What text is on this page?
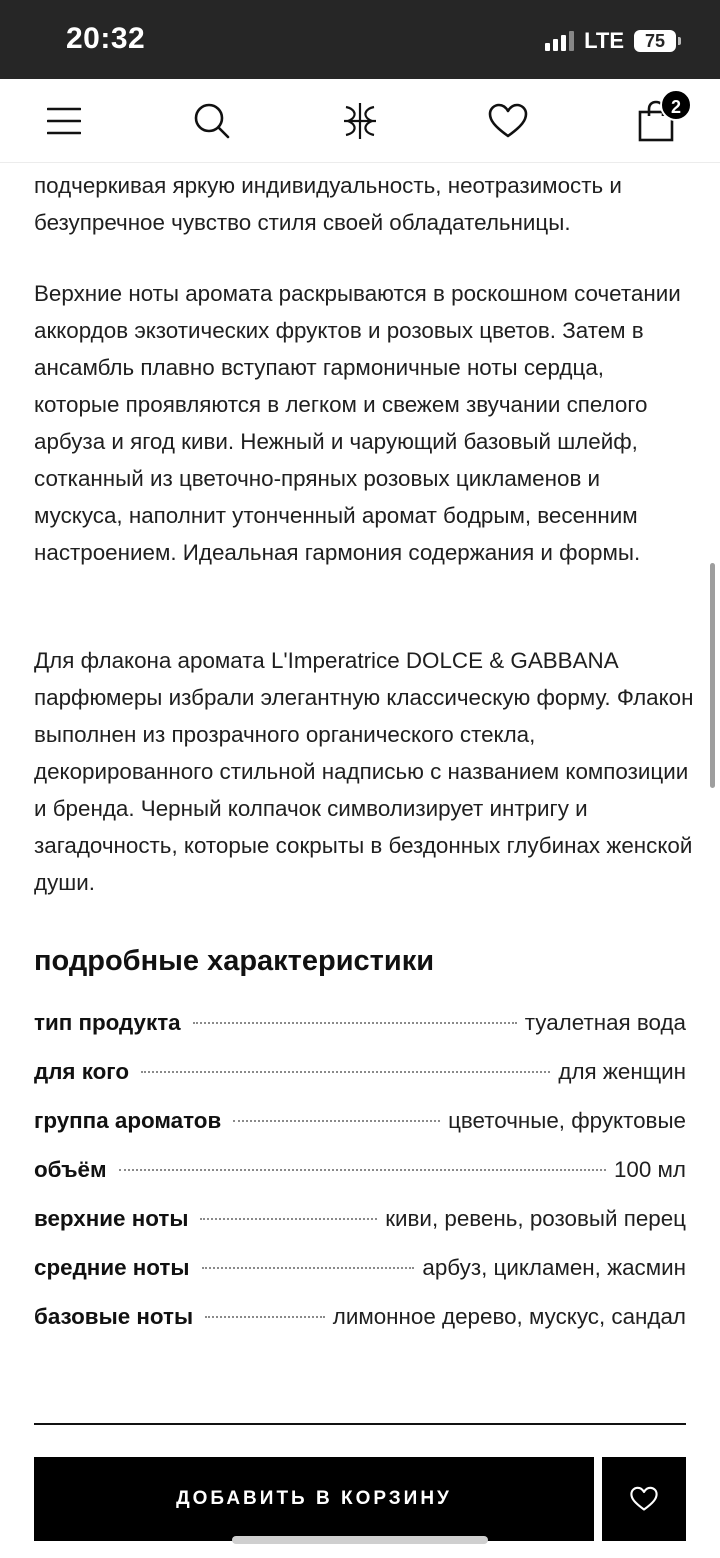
20:32	LTE	75
2

подчеркивая яркую индивидуальность, неотразимость и безупречное чувство стиля своей обладательницы.

Верхние ноты аромата раскрываются в роскошном сочетании аккордов экзотических фруктов и розовых цветов. Затем в ансамбль плавно вступают гармоничные ноты сердца, которые проявляются в легком и свежем звучании спелого арбуза и ягод киви. Нежный и чарующий базовый шлейф, сотканный из цветочно-пряных розовых цикламенов и мускуса, наполнит утонченный аромат бодрым, весенним настроением. Идеальная гармония содержания и формы.

Для флакона аромата L'Imperatrice DOLCE & GABBANA парфюмеры избрали элегантную классическую форму. Флакон выполнен из прозрачного органического стекла, декорированного стильной надписью с названием композиции и бренда. Черный колпачок символизирует интригу и загадочность, которые сокрыты в бездонных глубинах женской души.

подробные характеристики
тип продукта	туалетная вода
для кого	для женщин
группа ароматов	цветочные, фруктовые
объём	100 мл
верхние ноты	киви, ревень, розовый перец
средние ноты	арбуз, цикламен, жасмин
базовые ноты	лимонное дерево, мускус, сандал
ДОБАВИТЬ В КОРЗИНУ
